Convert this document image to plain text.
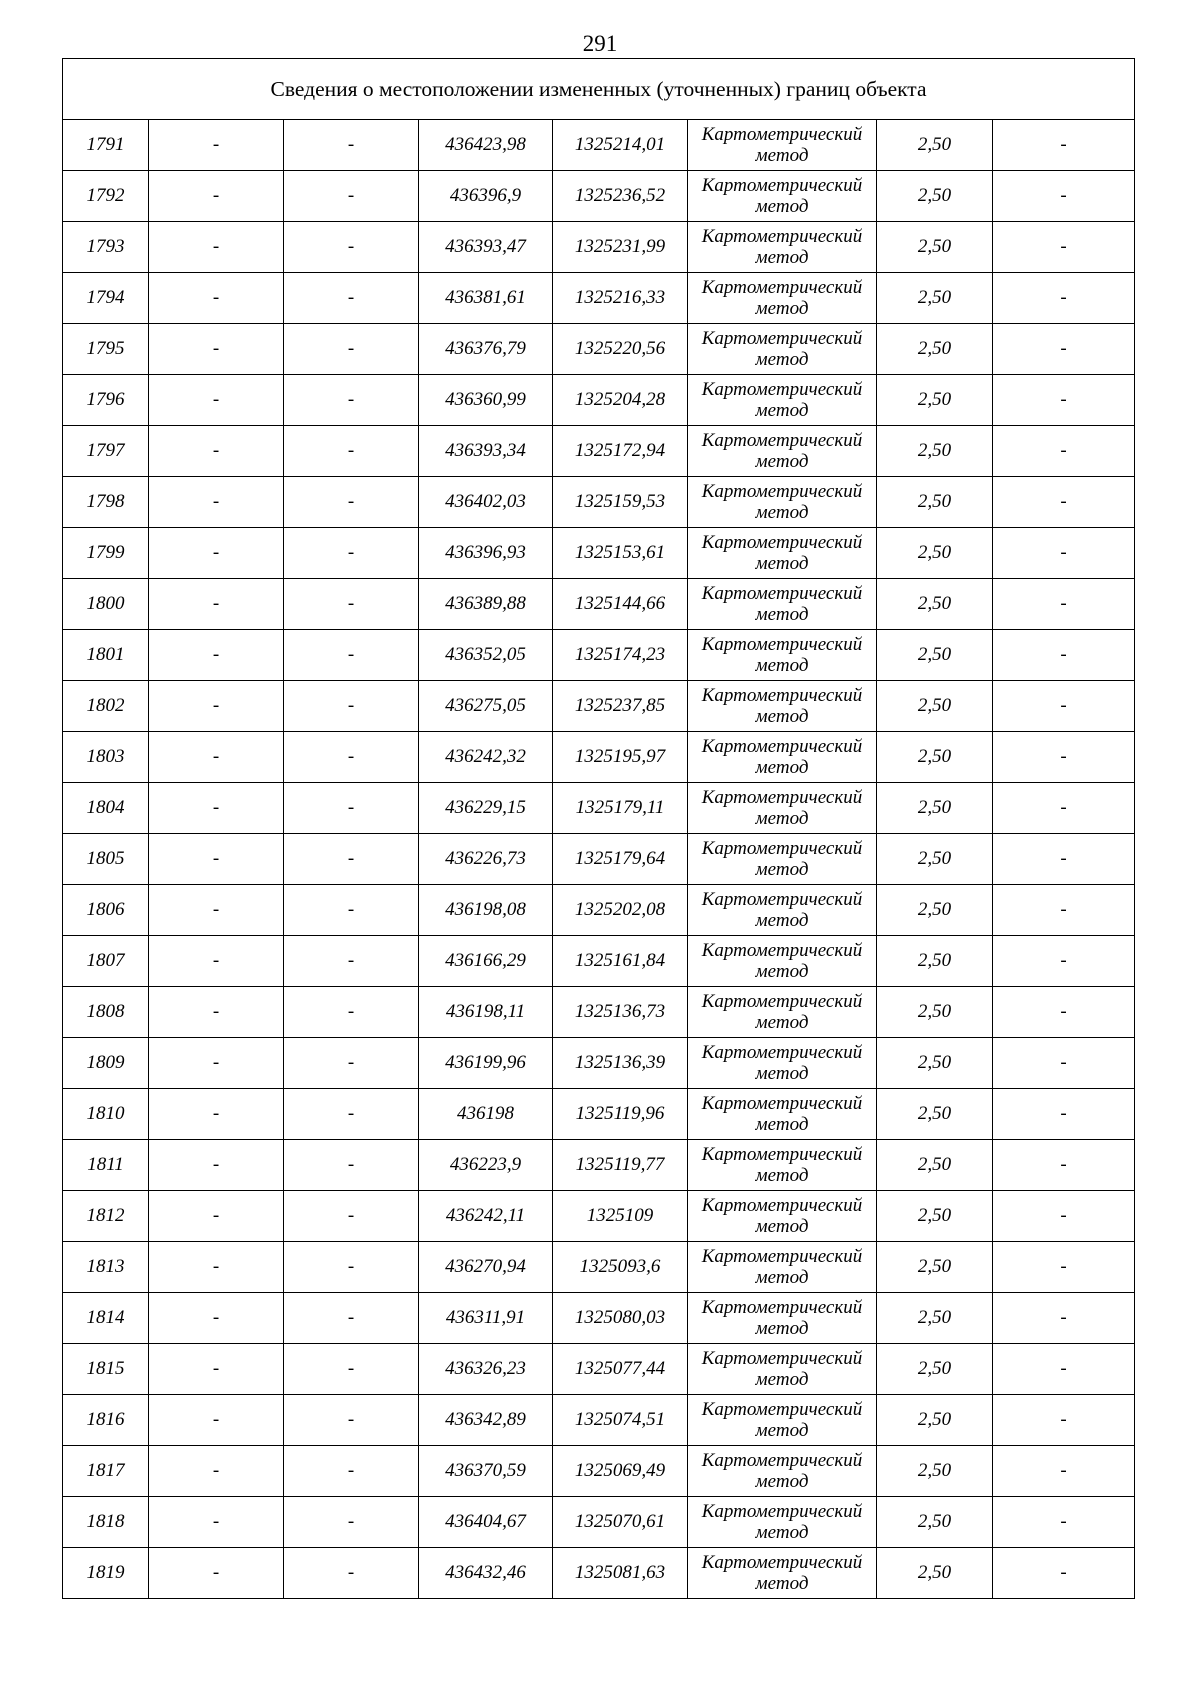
291
Сведения о местоположении измененных (уточненных) границ объекта							
1791	-	-	436423,98	1325214,01	Картометрический метод	2,50	-
1792	-	-	436396,9	1325236,52	Картометрический метод	2,50	-
1793	-	-	436393,47	1325231,99	Картометрический метод	2,50	-
1794	-	-	436381,61	1325216,33	Картометрический метод	2,50	-
1795	-	-	436376,79	1325220,56	Картометрический метод	2,50	-
1796	-	-	436360,99	1325204,28	Картометрический метод	2,50	-
1797	-	-	436393,34	1325172,94	Картометрический метод	2,50	-
1798	-	-	436402,03	1325159,53	Картометрический метод	2,50	-
1799	-	-	436396,93	1325153,61	Картометрический метод	2,50	-
1800	-	-	436389,88	1325144,66	Картометрический метод	2,50	-
1801	-	-	436352,05	1325174,23	Картометрический метод	2,50	-
1802	-	-	436275,05	1325237,85	Картометрический метод	2,50	-
1803	-	-	436242,32	1325195,97	Картометрический метод	2,50	-
1804	-	-	436229,15	1325179,11	Картометрический метод	2,50	-
1805	-	-	436226,73	1325179,64	Картометрический метод	2,50	-
1806	-	-	436198,08	1325202,08	Картометрический метод	2,50	-
1807	-	-	436166,29	1325161,84	Картометрический метод	2,50	-
1808	-	-	436198,11	1325136,73	Картометрический метод	2,50	-
1809	-	-	436199,96	1325136,39	Картометрический метод	2,50	-
1810	-	-	436198	1325119,96	Картометрический метод	2,50	-
1811	-	-	436223,9	1325119,77	Картометрический метод	2,50	-
1812	-	-	436242,11	1325109	Картометрический метод	2,50	-
1813	-	-	436270,94	1325093,6	Картометрический метод	2,50	-
1814	-	-	436311,91	1325080,03	Картометрический метод	2,50	-
1815	-	-	436326,23	1325077,44	Картометрический метод	2,50	-
1816	-	-	436342,89	1325074,51	Картометрический метод	2,50	-
1817	-	-	436370,59	1325069,49	Картометрический метод	2,50	-
1818	-	-	436404,67	1325070,61	Картометрический метод	2,50	-
1819	-	-	436432,46	1325081,63	Картометрический метод	2,50	-
